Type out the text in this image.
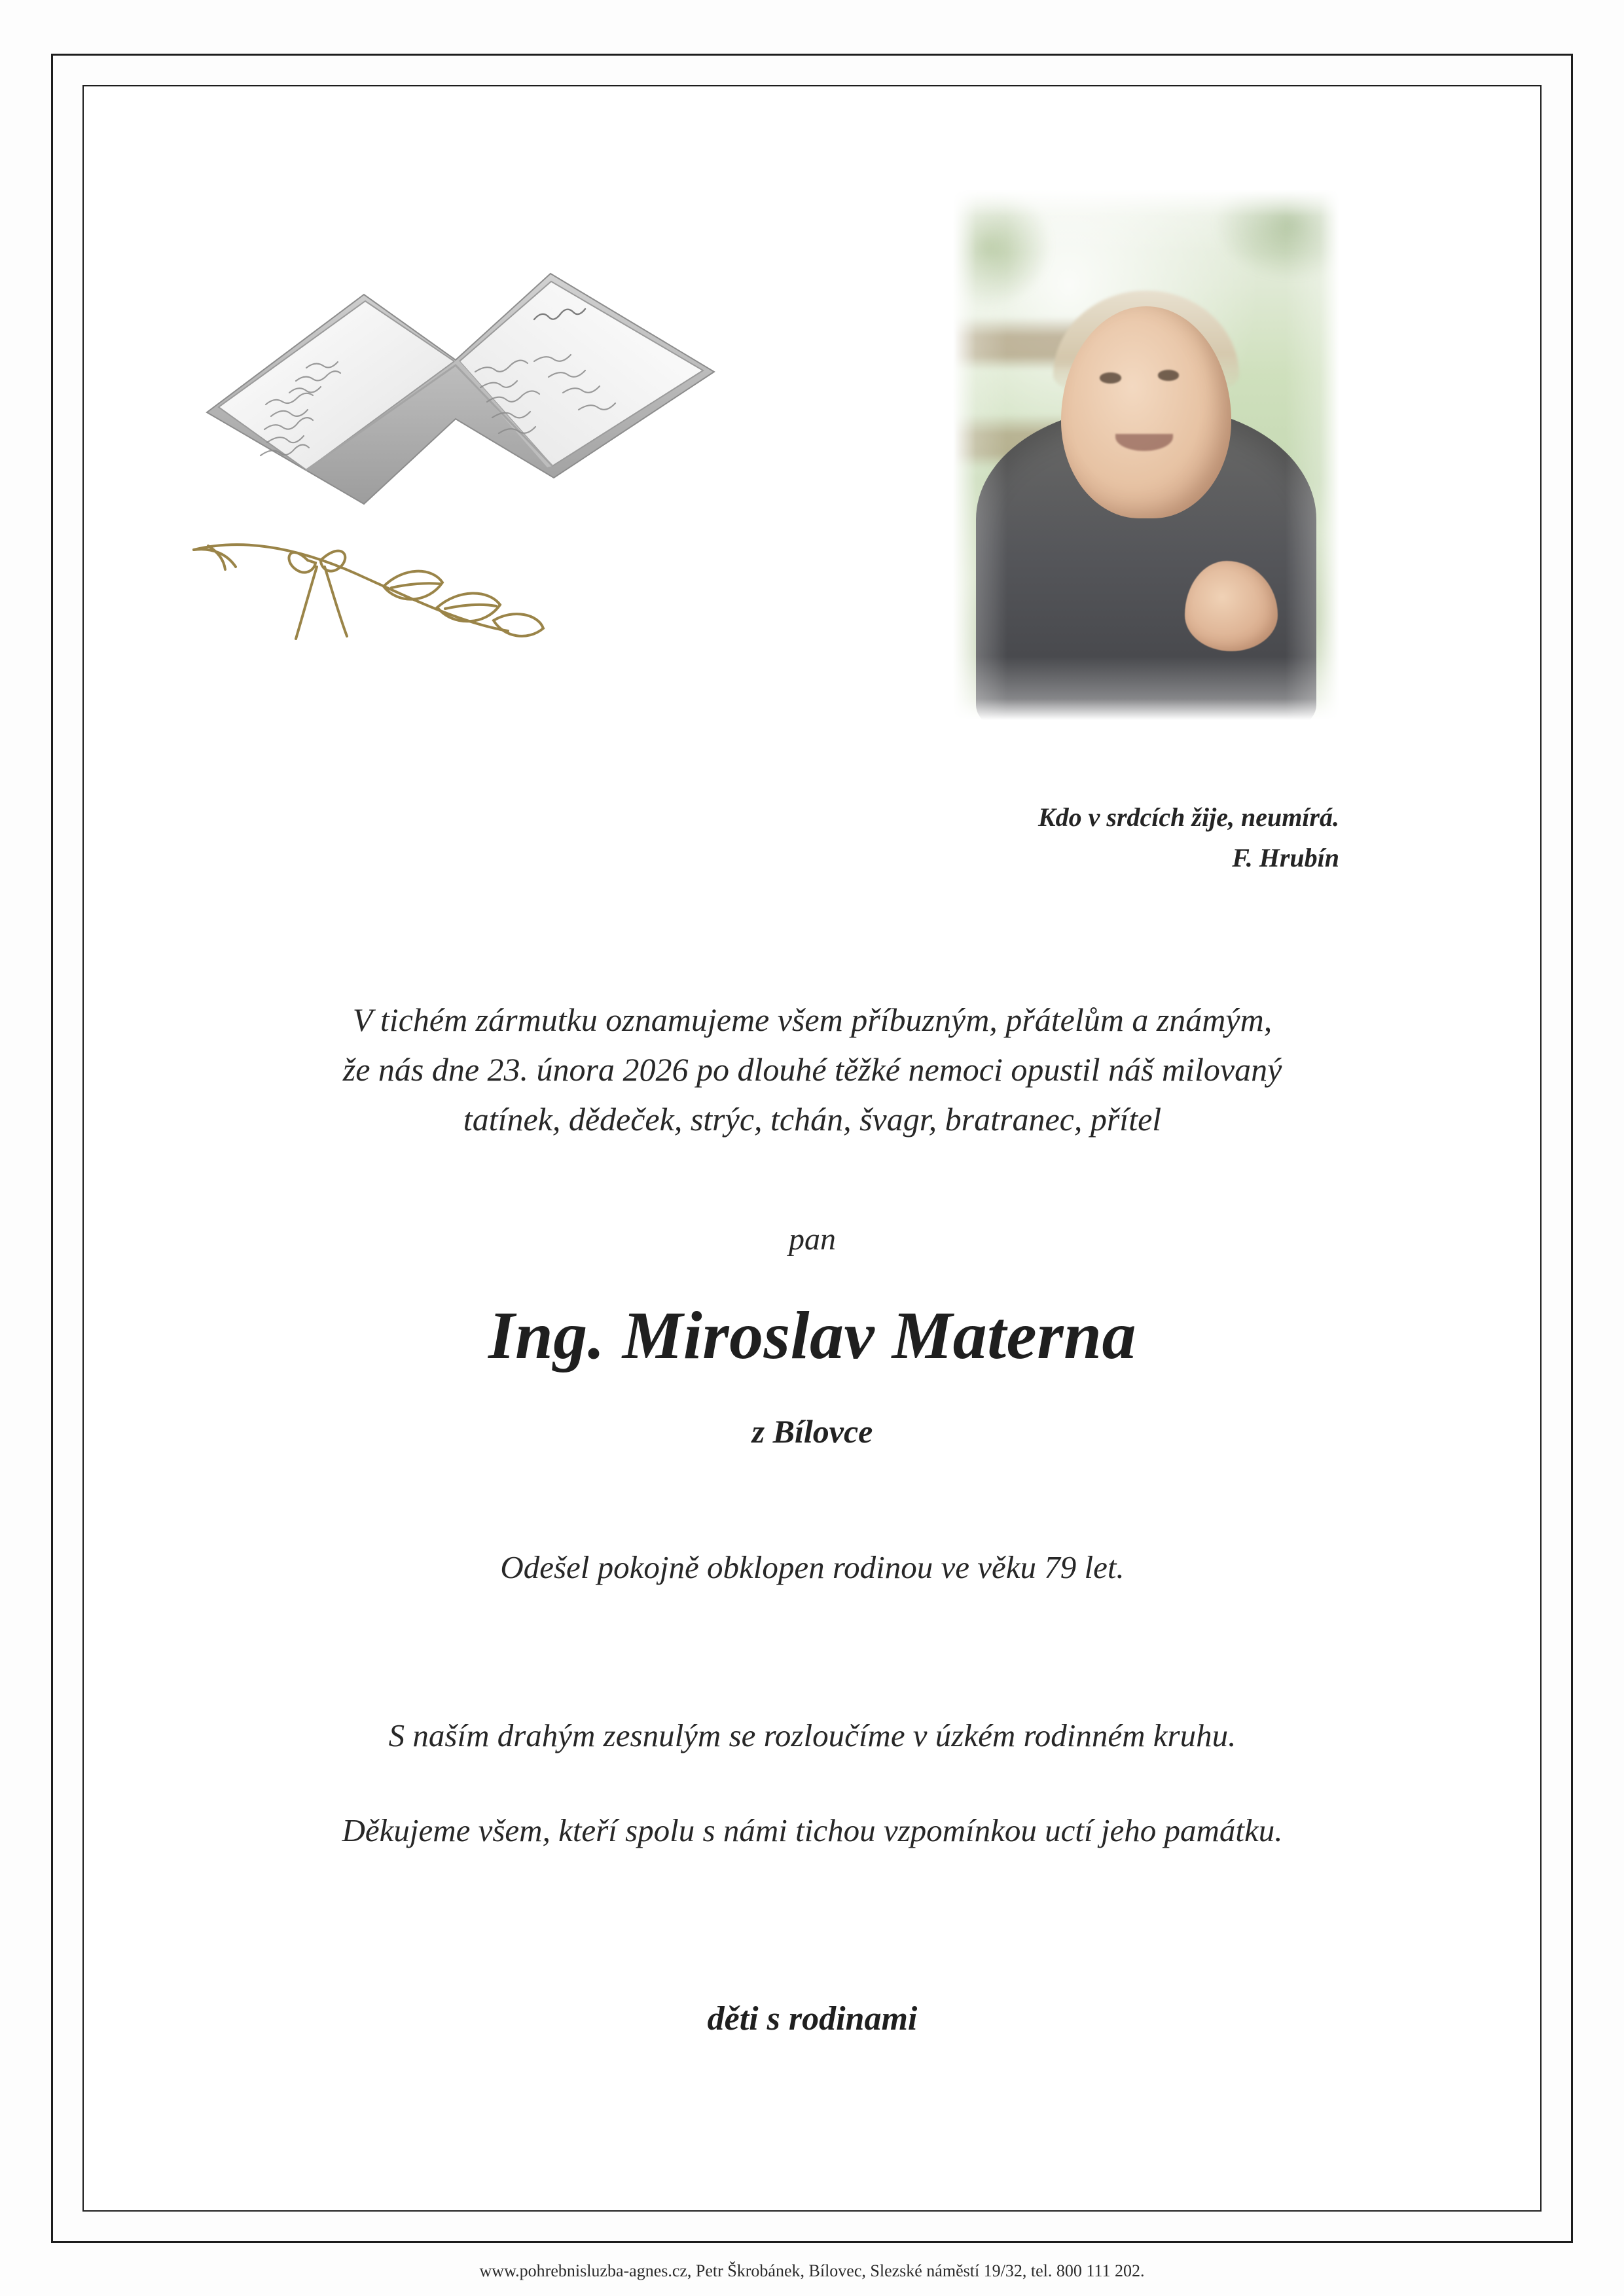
Kdo v srdcích žije, neumírá.
F. Hrubín
V tichém zármutku oznamujeme všem příbuzným, přátelům a známým,
že nás dne 23. února 2026 po dlouhé těžké nemoci opustil náš milovaný
tatínek, dědeček, strýc, tchán, švagr, bratranec, přítel
pan
Ing. Miroslav Materna
z Bílovce
Odešel pokojně obklopen rodinou ve věku 79 let.
S naším drahým zesnulým se rozloučíme v úzkém rodinném kruhu.
Děkujeme všem, kteří spolu s námi tichou vzpomínkou uctí jeho památku.
děti s rodinami
www.pohrebnisluzba-agnes.cz, Petr Škrobánek, Bílovec, Slezské náměstí 19/32, tel. 800 111 202.
